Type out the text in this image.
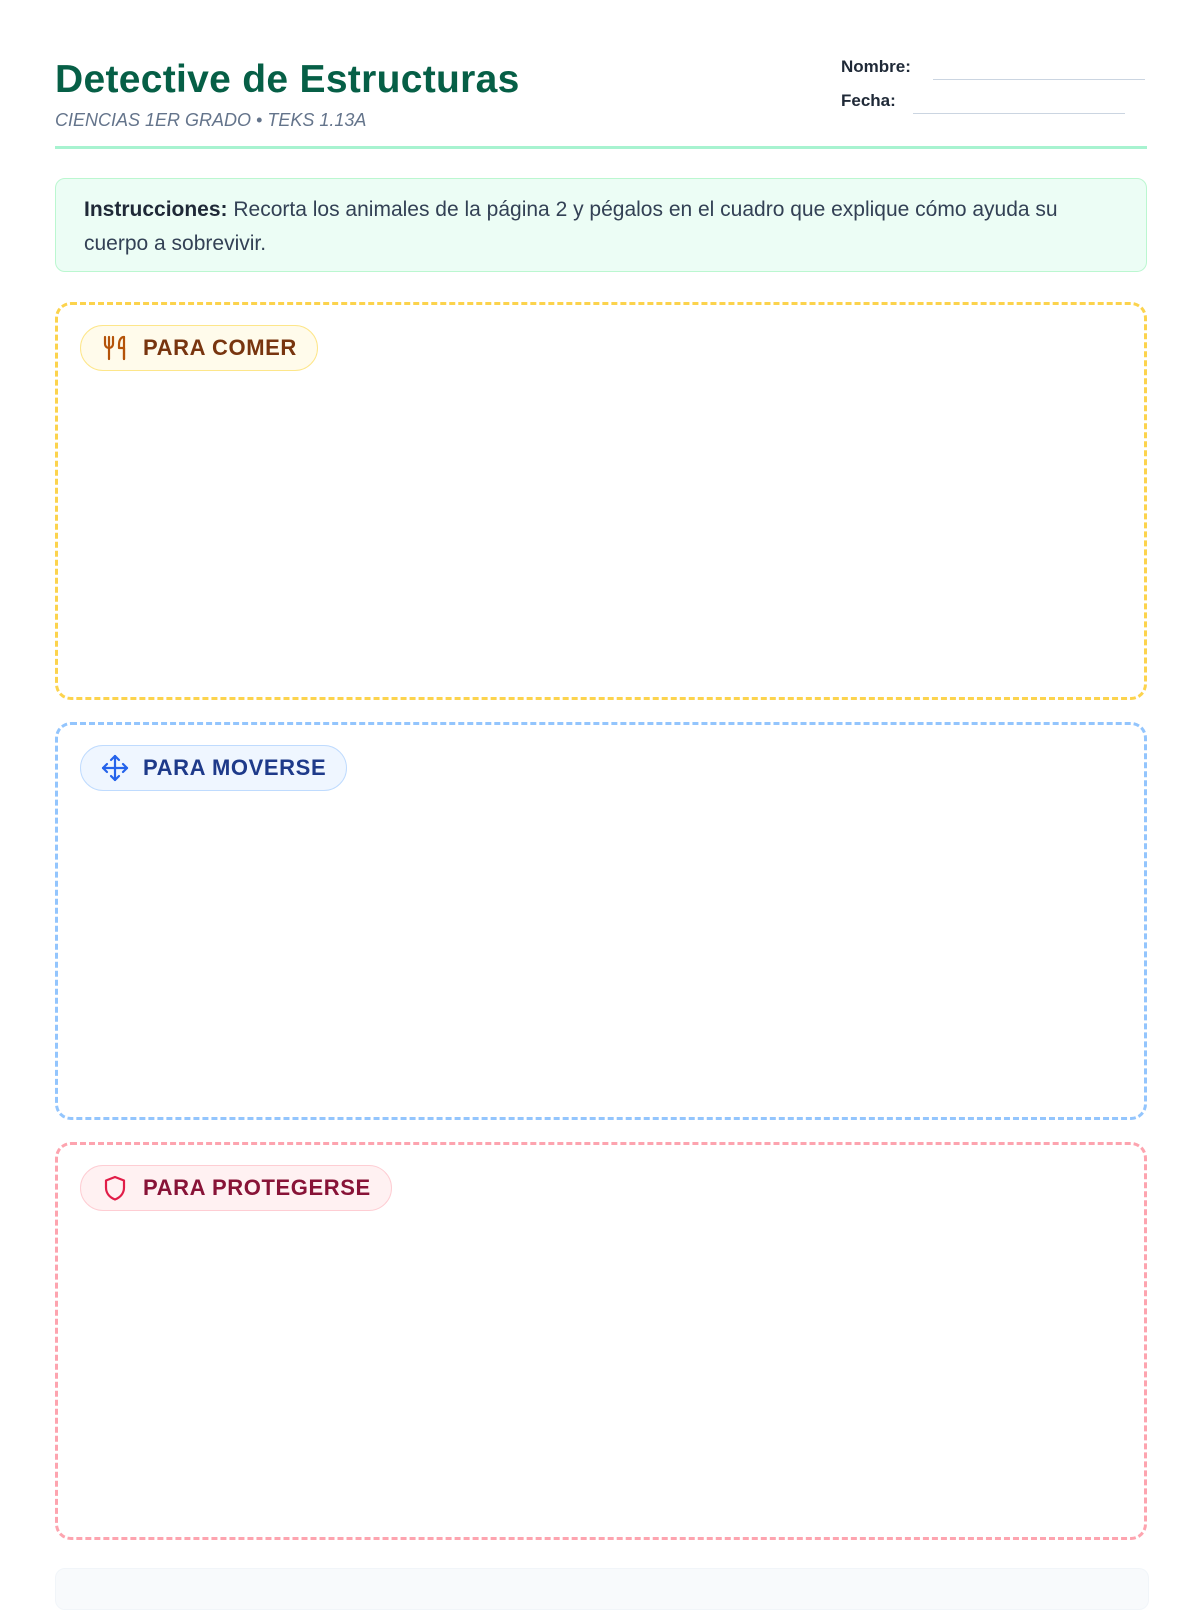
Detective de Estructuras
CIENCIAS 1ER GRADO • TEKS 1.13A
Nombre:
Fecha:
Instrucciones: Recorta los animales de la página 2 y pégalos en el cuadro que explique cómo ayuda su cuerpo a sobrevivir.
PARA COMER
PARA MOVERSE
PARA PROTEGERSE
